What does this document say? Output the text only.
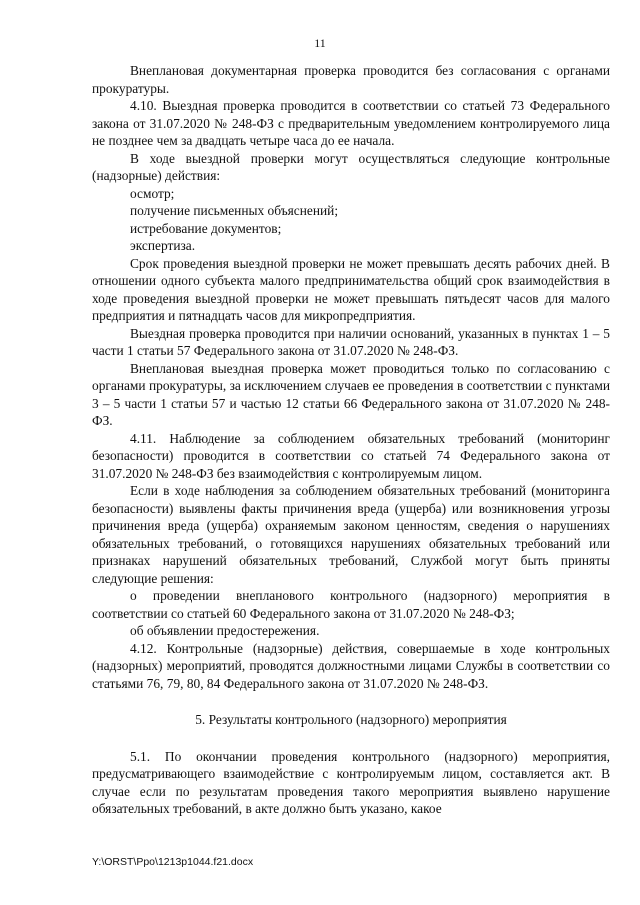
11

Внеплановая документарная проверка проводится без согласования с органами прокуратуры.

4.10. Выездная проверка проводится в соответствии со статьей 73 Федерального закона от 31.07.2020 № 248-ФЗ с предварительным уведомлением контролируемого лица не позднее чем за двадцать четыре часа до ее начала.

В ходе выездной проверки могут осуществляться следующие контрольные (надзорные) действия:

осмотр;

получение письменных объяснений;

истребование документов;

экспертиза.

Срок проведения выездной проверки не может превышать десять рабочих дней. В отношении одного субъекта малого предпринимательства общий срок взаимодействия в ходе проведения выездной проверки не может превышать пятьдесят часов для малого предприятия и пятнадцать часов для микропредприятия.

Выездная проверка проводится при наличии оснований, указанных в пунктах 1 – 5 части 1 статьи 57 Федерального закона от 31.07.2020 № 248-ФЗ.

Внеплановая выездная проверка может проводиться только по согласованию с органами прокуратуры, за исключением случаев ее проведения в соответствии с пунктами 3 – 5 части 1 статьи 57 и частью 12 статьи 66 Федерального закона от 31.07.2020 № 248-ФЗ.

4.11. Наблюдение за соблюдением обязательных требований (мониторинг безопасности) проводится в соответствии со статьей 74 Федерального закона от 31.07.2020 № 248-ФЗ без взаимодействия с контролируемым лицом.

Если в ходе наблюдения за соблюдением обязательных требований (мониторинга безопасности) выявлены факты причинения вреда (ущерба) или возникновения угрозы причинения вреда (ущерба) охраняемым законом ценностям, сведения о нарушениях обязательных требований, о готовящихся нарушениях обязательных требований или признаках нарушений обязательных требований, Службой могут быть приняты следующие решения:

о проведении внепланового контрольного (надзорного) мероприятия в соответствии со статьей 60 Федерального закона от 31.07.2020 № 248-ФЗ;

об объявлении предостережения.

4.12. Контрольные (надзорные) действия, совершаемые в ходе контрольных (надзорных) мероприятий, проводятся должностными лицами Службы в соответствии со статьями 76, 79, 80, 84 Федерального закона от 31.07.2020 № 248-ФЗ.

5. Результаты контрольного (надзорного) мероприятия

5.1. По окончании проведения контрольного (надзорного) мероприятия, предусматривающего взаимодействие с контролируемым лицом, составляется акт. В случае если по результатам проведения такого мероприятия выявлено нарушение обязательных требований, в акте должно быть указано, какое

Y:\ORST\Ppo\1213p1044.f21.docx
